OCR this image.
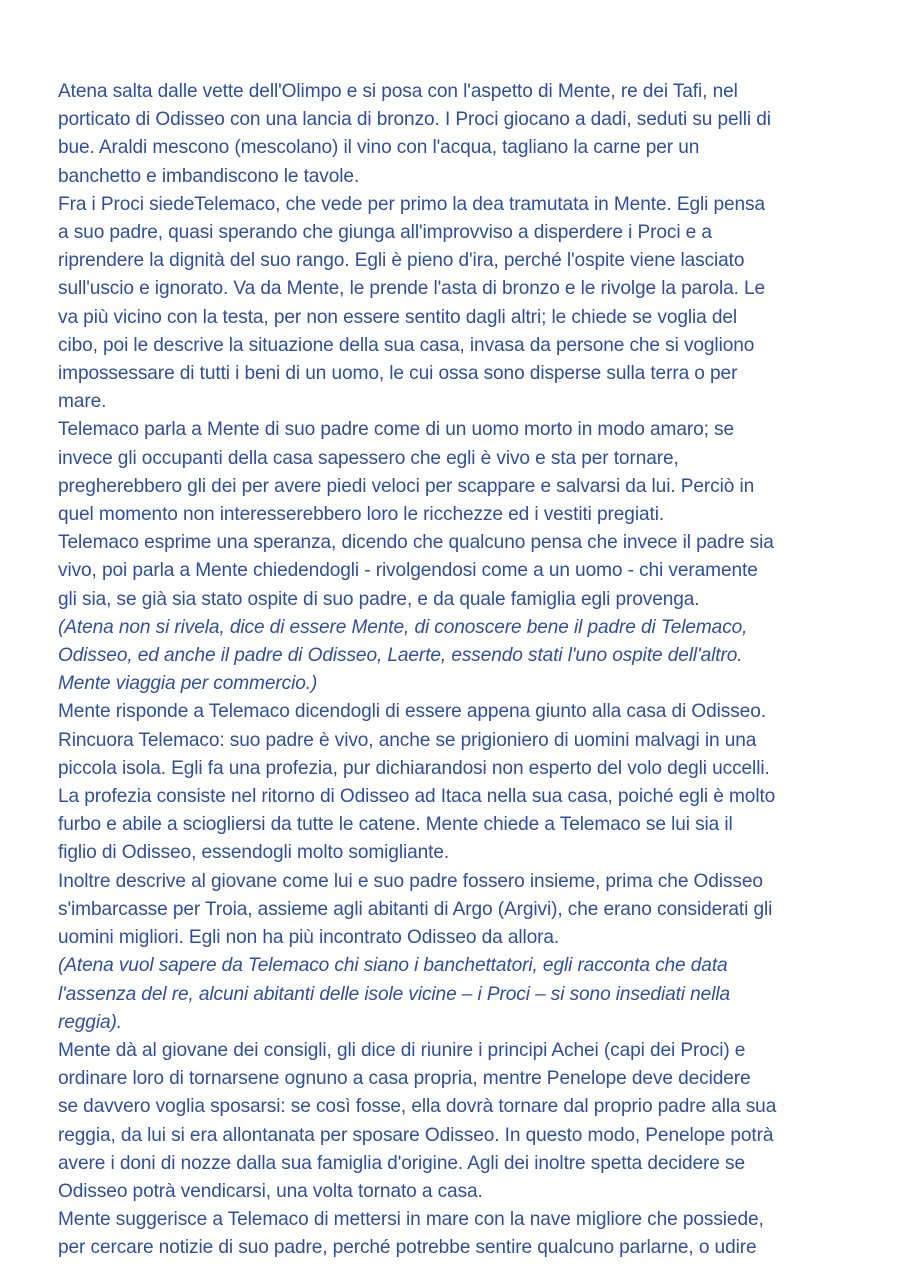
Atena salta dalle vette dell'Olimpo e si posa con l'aspetto di Mente, re dei Tafi, nel
porticato di Odisseo con una lancia di bronzo. I Proci giocano a dadi, seduti su pelli di
bue. Araldi mescono (mescolano) il vino con l'acqua, tagliano la carne per un
banchetto e imbandiscono le tavole.

Fra i Proci siedeTelemaco, che vede per primo la dea tramutata in Mente. Egli pensa
a suo padre, quasi sperando che giunga all'improvviso a disperdere i Proci e a
riprendere la dignità del suo rango. Egli è pieno d'ira, perché l'ospite viene lasciato
sull'uscio e ignorato. Va da Mente, le prende l'asta di bronzo e le rivolge la parola. Le
va più vicino con la testa, per non essere sentito dagli altri; le chiede se voglia del
cibo, poi le descrive la situazione della sua casa, invasa da persone che si vogliono
impossessare di tutti i beni di un uomo, le cui ossa sono disperse sulla terra o per
mare.

Telemaco parla a Mente di suo padre come di un uomo morto in modo amaro; se
invece gli occupanti della casa sapessero che egli è vivo e sta per tornare,
pregherebbero gli dei per avere piedi veloci per scappare e salvarsi da lui. Perciò in
quel momento non interesserebbero loro le ricchezze ed i vestiti pregiati.

Telemaco esprime una speranza, dicendo che qualcuno pensa che invece il padre sia
vivo, poi parla a Mente chiedendogli - rivolgendosi come a un uomo - chi veramente
gli sia, se già sia stato ospite di suo padre, e da quale famiglia egli provenga.

(Atena non si rivela, dice di essere Mente, di conoscere bene il padre di Telemaco,
Odisseo, ed anche il padre di Odisseo, Laerte, essendo stati l'uno ospite dell'altro.
Mente viaggia per commercio.)

Mente risponde a Telemaco dicendogli di essere appena giunto alla casa di Odisseo.
Rincuora Telemaco: suo padre è vivo, anche se prigioniero di uomini malvagi in una
piccola isola. Egli fa una profezia, pur dichiarandosi non esperto del volo degli uccelli.
La profezia consiste nel ritorno di Odisseo ad Itaca nella sua casa, poiché egli è molto
furbo e abile a sciogliersi da tutte le catene. Mente chiede a Telemaco se lui sia il
figlio di Odisseo, essendogli molto somigliante.

Inoltre descrive al giovane come lui e suo padre fossero insieme, prima che Odisseo
s'imbarcasse per Troia, assieme agli abitanti di Argo (Argivi), che erano considerati gli
uomini migliori. Egli non ha più incontrato Odisseo da allora.

(Atena vuol sapere da Telemaco chi siano i banchettatori, egli racconta che data
l'assenza del re, alcuni abitanti delle isole vicine – i Proci – si sono insediati nella
reggia).

Mente dà al giovane dei consigli, gli dice di riunire i principi Achei (capi dei Proci) e
ordinare loro di tornarsene ognuno a casa propria, mentre Penelope deve decidere
se davvero voglia sposarsi: se così fosse, ella dovrà tornare dal proprio padre alla sua
reggia, da lui si era allontanata per sposare Odisseo. In questo modo, Penelope potrà
avere i doni di nozze dalla sua famiglia d'origine. Agli dei inoltre spetta decidere se
Odisseo potrà vendicarsi, una volta tornato a casa.

Mente suggerisce a Telemaco di mettersi in mare con la nave migliore che possiede,
per cercare notizie di suo padre, perché potrebbe sentire qualcuno parlarne, o udire
